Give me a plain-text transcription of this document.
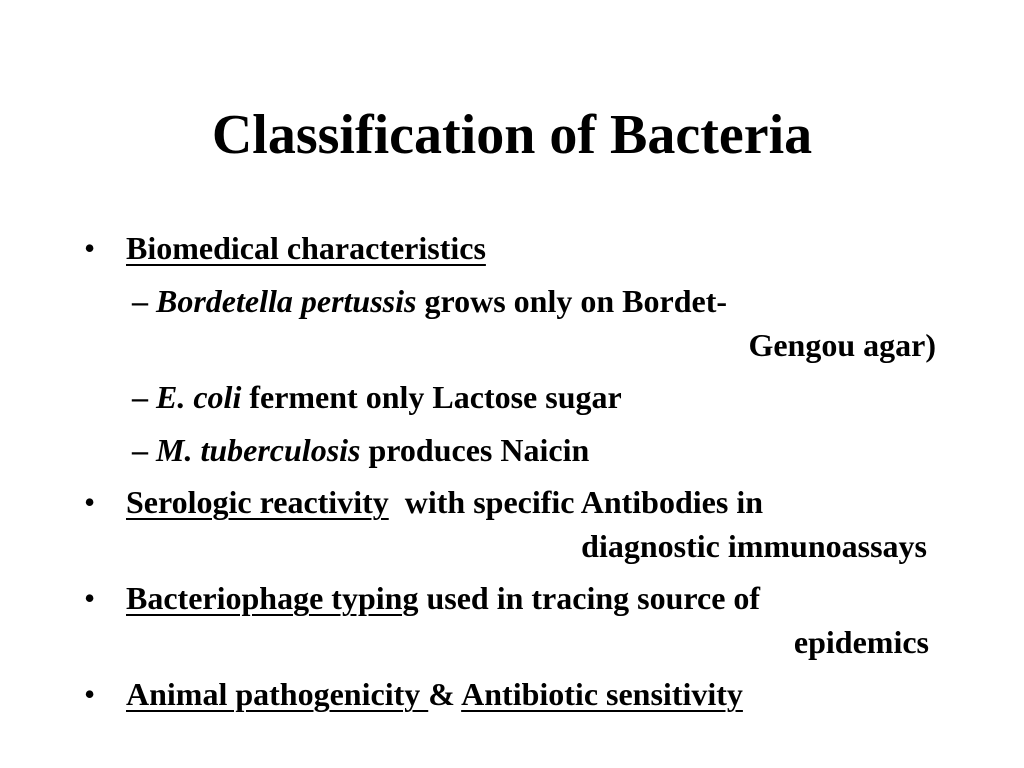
Classification of Bacteria
• Biomedical characteristics
– Bordetella pertussis grows only on Bordet-
Gengou agar)
– E. coli ferment only Lactose sugar
– M. tuberculosis produces Naicin
• Serologic reactivity  with specific Antibodies in
diagnostic immunoassays
• Bacteriophage typing used in tracing source of
epidemics
• Animal pathogenicity & Antibiotic sensitivity
